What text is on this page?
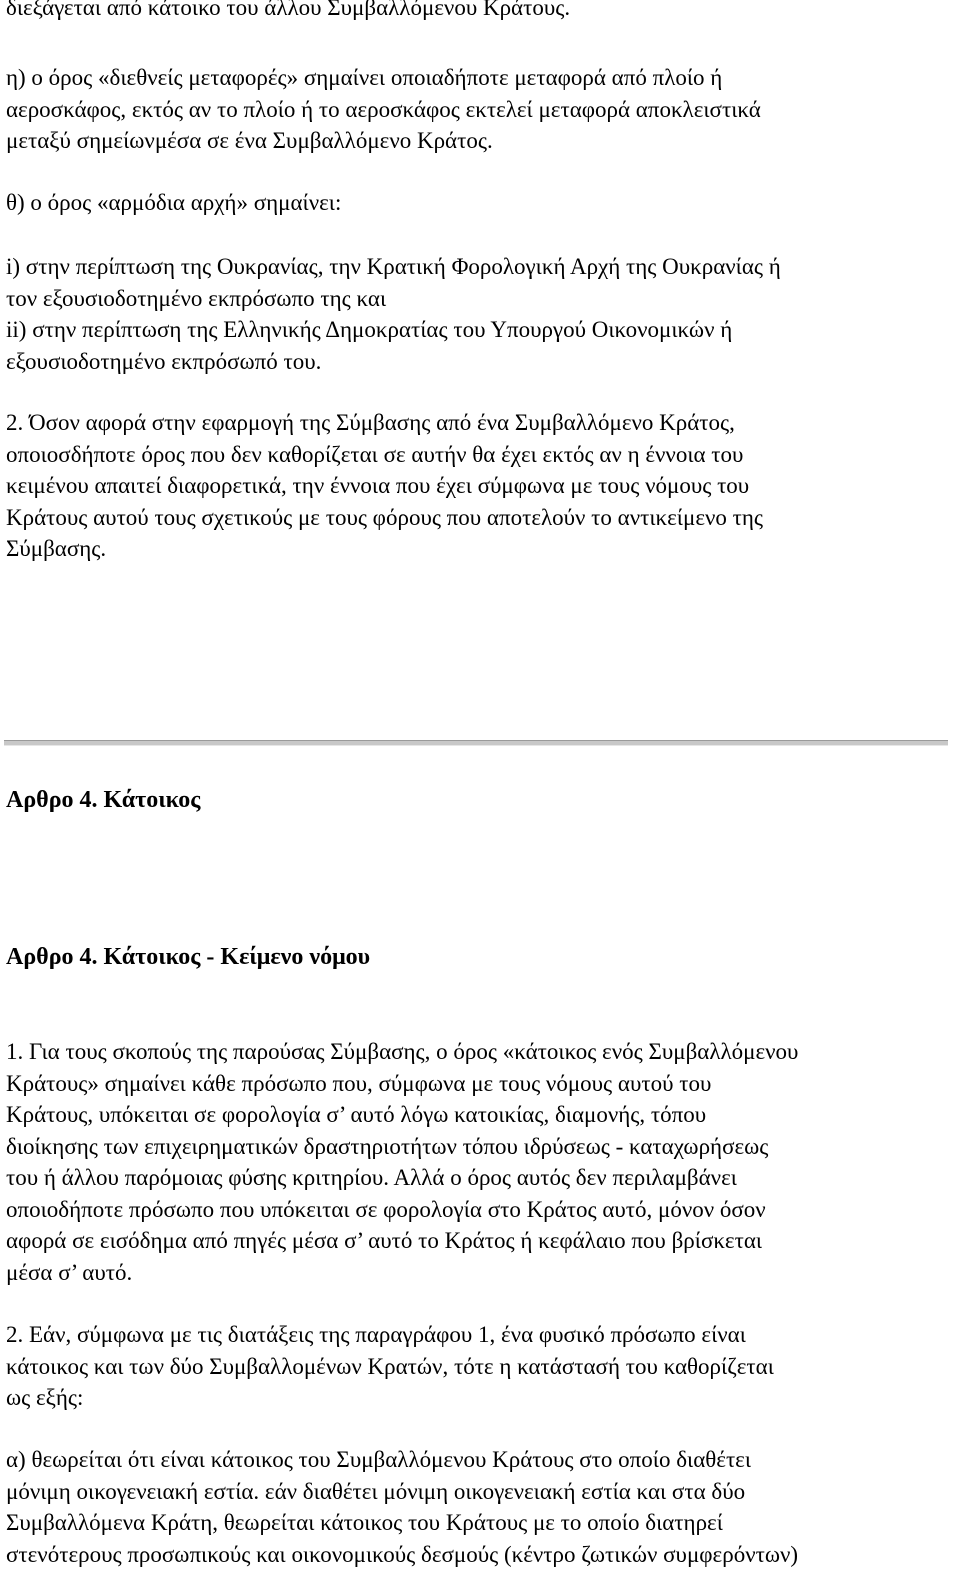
διεξάγεται από κάτοικο του άλλου Συμβαλλόμενου Κράτους.
η) ο όρος «διεθνείς μεταφορές» σημαίνει οποιαδήποτε μεταφορά από πλοίο ή
αεροσκάφος, εκτός αν το πλοίο ή το αεροσκάφος εκτελεί μεταφορά αποκλειστικά
μεταξύ σημείωνμέσα σε ένα Συμβαλλόμενο Κράτος.
θ) ο όρος «αρμόδια αρχή» σημαίνει:
i) στην περίπτωση της Ουκρανίας, την Κρατική Φορολογική Αρχή της Ουκρανίας ή
τον εξουσιοδοτημένο εκπρόσωπο της και
ii) στην περίπτωση της Ελληνικής Δημοκρατίας του Υπουργού Οικονομικών ή
εξουσιοδοτημένο εκπρόσωπό του.
2. Όσον αφορά στην εφαρμογή της Σύμβασης από ένα Συμβαλλόμενο Κράτος,
οποιοσδήποτε όρος που δεν καθορίζεται σε αυτήν θα έχει εκτός αν η έννοια του
κειμένου απαιτεί διαφορετικά, την έννοια που έχει σύμφωνα με τους νόμους του
Κράτους αυτού τους σχετικούς με τους φόρους που αποτελούν το αντικείμενο της
Σύμβασης.
Αρθρο 4. Κάτοικος
Αρθρο 4. Κάτοικος - Κείμενο νόμου
1. Για τους σκοπούς της παρούσας Σύμβασης, ο όρος «κάτοικος ενός Συμβαλλόμενου
Κράτους» σημαίνει κάθε πρόσωπο που, σύμφωνα με τους νόμους αυτού του
Κράτους, υπόκειται σε φορολογία σ’ αυτό λόγω κατοικίας, διαμονής, τόπου
διοίκησης των επιχειρηματικών δραστηριοτήτων τόπου ιδρύσεως - καταχωρήσεως
του ή άλλου παρόμοιας φύσης κριτηρίου. Αλλά ο όρος αυτός δεν περιλαμβάνει
οποιοδήποτε πρόσωπο που υπόκειται σε φορολογία στο Κράτος αυτό, μόνον όσον
αφορά σε εισόδημα από πηγές μέσα σ’ αυτό το Κράτος ή κεφάλαιο που βρίσκεται
μέσα σ’ αυτό.
2. Εάν, σύμφωνα με τις διατάξεις της παραγράφου 1, ένα φυσικό πρόσωπο είναι
κάτοικος και των δύο Συμβαλλομένων Κρατών, τότε η κατάστασή του καθορίζεται
ως εξής:
α) θεωρείται ότι είναι κάτοικος του Συμβαλλόμενου Κράτους στο οποίο διαθέτει
μόνιμη οικογενειακή εστία. εάν διαθέτει μόνιμη οικογενειακή εστία και στα δύο
Συμβαλλόμενα Κράτη, θεωρείται κάτοικος του Κράτους με το οποίο διατηρεί
στενότερους προσωπικούς και οικονομικούς δεσμούς (κέντρο ζωτικών συμφερόντων)
